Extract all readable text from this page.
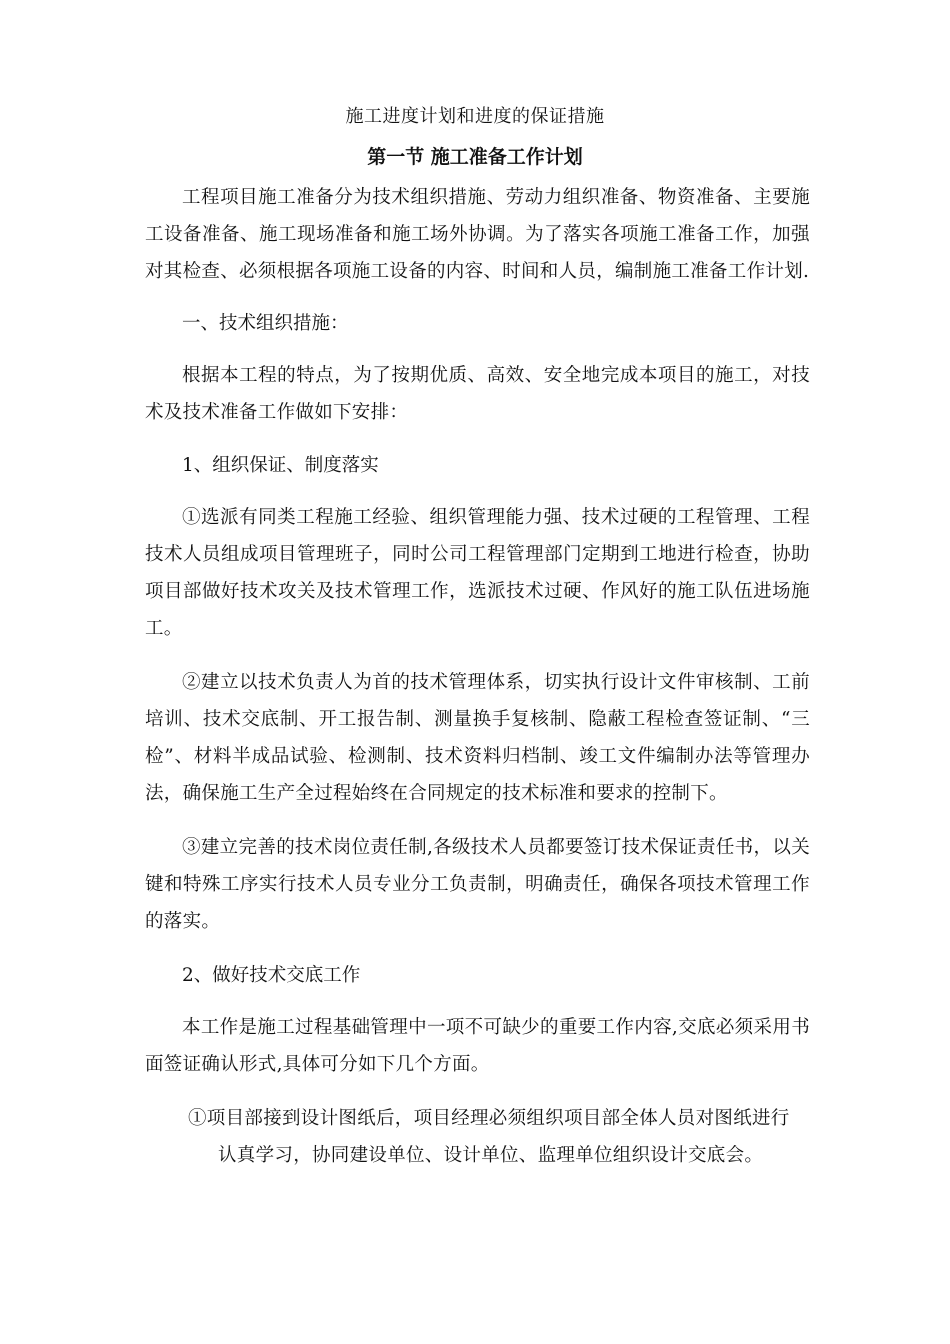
施工进度计划和进度的保证措施
第一节 施工准备工作计划

工程项目施工准备分为技术组织措施、劳动力组织准备、物资准备、主要施工设备准备、施工现场准备和施工场外协调。为了落实各项施工准备工作，加强对其检查、必须根据各项施工设备的内容、时间和人员，编制施工准备工作计划.

一、技术组织措施：

根据本工程的特点，为了按期优质、高效、安全地完成本项目的施工，对技术及技术准备工作做如下安排：

1、组织保证、制度落实

①选派有同类工程施工经验、组织管理能力强、技术过硬的工程管理、工程技术人员组成项目管理班子，同时公司工程管理部门定期到工地进行检查，协助项目部做好技术攻关及技术管理工作，选派技术过硬、作风好的施工队伍进场施工。

②建立以技术负责人为首的技术管理体系，切实执行设计文件审核制、工前培训、技术交底制、开工报告制、测量换手复核制、隐蔽工程检查签证制、“三检”、材料半成品试验、检测制、技术资料归档制、竣工文件编制办法等管理办法，确保施工生产全过程始终在合同规定的技术标准和要求的控制下。

③建立完善的技术岗位责任制,各级技术人员都要签订技术保证责任书，以关键和特殊工序实行技术人员专业分工负责制，明确责任，确保各项技术管理工作的落实。

2、做好技术交底工作

本工作是施工过程基础管理中一项不可缺少的重要工作内容,交底必须采用书面签证确认形式,具体可分如下几个方面。

①项目部接到设计图纸后，项目经理必须组织项目部全体人员对图纸进行
认真学习，协同建设单位、设计单位、监理单位组织设计交底会。
